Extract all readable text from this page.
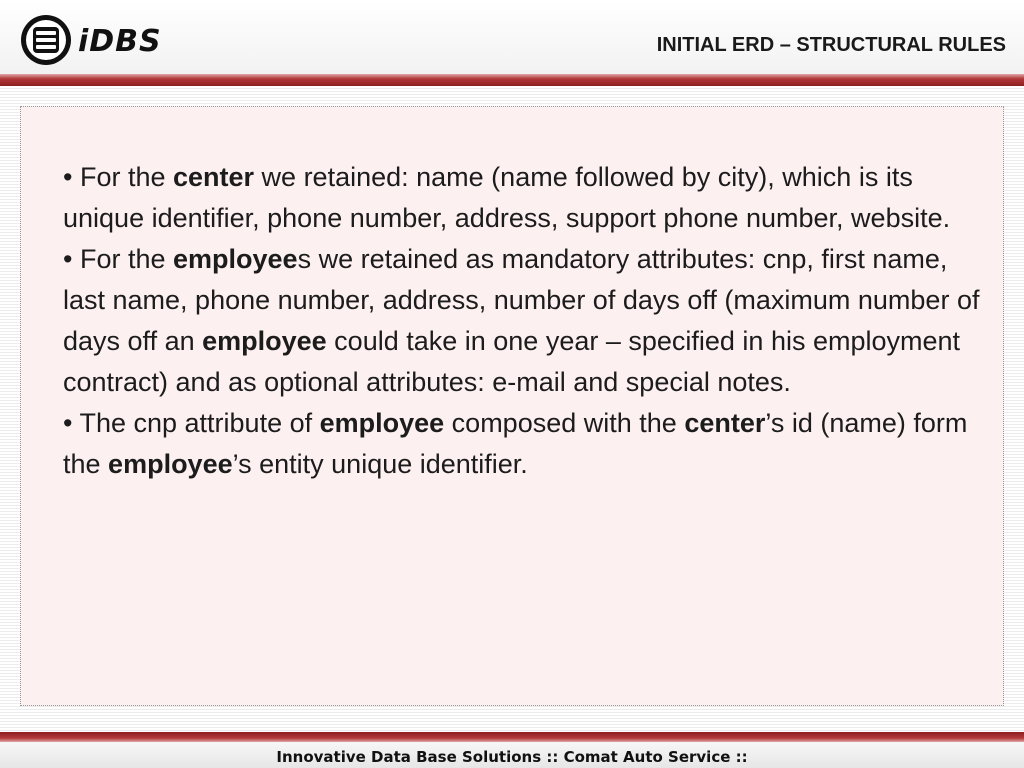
iDBS	INITIAL ERD – STRUCTURAL RULES

• For the center we retained: name (name followed by city), which is its unique identifier, phone number, address, support phone number, website.

• For the employees we retained as mandatory attributes: cnp, first name, last name, phone number, address, number of days off (maximum number of days off an employee could take in one year – specified in his employment contract) and as optional attributes: e-mail and special notes.

• The cnp attribute of employee composed with the center’s id (name) form the employee’s entity unique identifier.

Innovative Data Base Solutions :: Comat Auto Service ::
